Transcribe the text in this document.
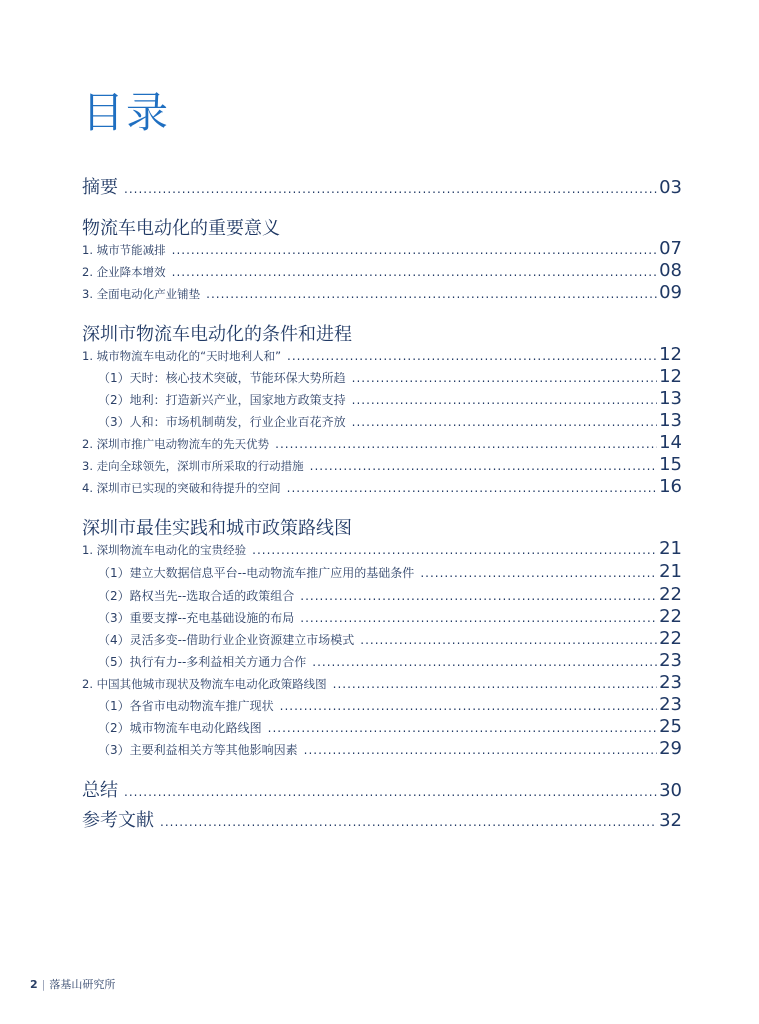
目录
摘要 .....	03
物流车电动化的重要意义
1. 城市节能减排 .....	07
2. 企业降本增效 .....	08
3. 全面电动化产业铺垫 .....	09
深圳市物流车电动化的条件和进程
1. 城市物流车电动化的“天时地利人和” .....	12
（1）天时：核心技术突破，节能环保大势所趋 .....	12
（2）地利：打造新兴产业，国家地方政策支持 .....	13
（3）人和：市场机制萌发，行业企业百花齐放 .....	13
2. 深圳市推广电动物流车的先天优势 .....	14
3. 走向全球领先，深圳市所采取的行动措施 .....	15
4. 深圳市已实现的突破和待提升的空间 .....	16
深圳市最佳实践和城市政策路线图
1. 深圳物流车电动化的宝贵经验 .....	21
（1）建立大数据信息平台--电动物流车推广应用的基础条件 .....	21
（2）路权当先--选取合适的政策组合 .....	22
（3）重要支撑--充电基础设施的布局 .....	22
（4）灵活多变--借助行业企业资源建立市场模式 .....	22
（5）执行有力--多利益相关方通力合作 .....	23
2. 中国其他城市现状及物流车电动化政策路线图 .....	23
（1）各省市电动物流车推广现状 .....	23
（2）城市物流车电动化路线图 .....	25
（3）主要利益相关方等其他影响因素 .....	29
总结 .....	30
参考文献 .....	32
2 | 落基山研究所
